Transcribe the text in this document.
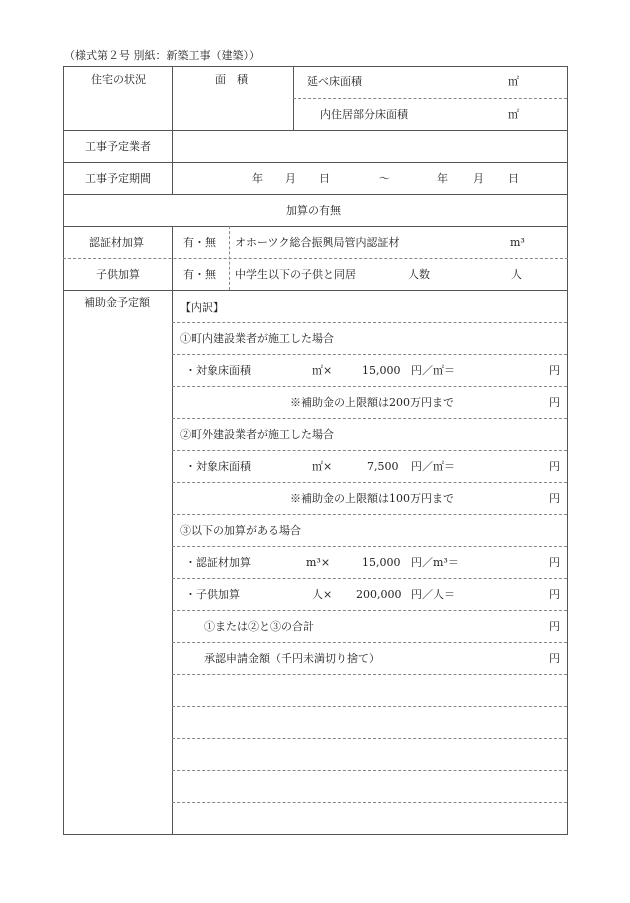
（様式第２号 別紙：新築工事（建築））
住宅の状況	面　積	延べ床面積	㎡
内住居部分床面積	㎡
工事予定業者
工事予定期間	年 月 日	～	年 月 日
加算の有無
認証材加算	有・無 オホーツク総合振興局管内認証材	m³
子供加算	有・無 中学生以下の子供と同居	人数	人
補助金予定額	【内訳】
①町内建設業者が施工した場合
・対象床面積	㎡×	15,000 円／㎡＝	円
※補助金の上限額は200万円まで	円
②町外建設業者が施工した場合
・対象床面積	㎡×	7,500 円／㎡＝	円
※補助金の上限額は100万円まで	円
③以下の加算がある場合
・認証材加算	m³×	15,000 円／m³＝	円
・子供加算	人× 200,000 円／人＝	円
①または②と③の合計	円
承認申請金額（千円未満切り捨て）	円
